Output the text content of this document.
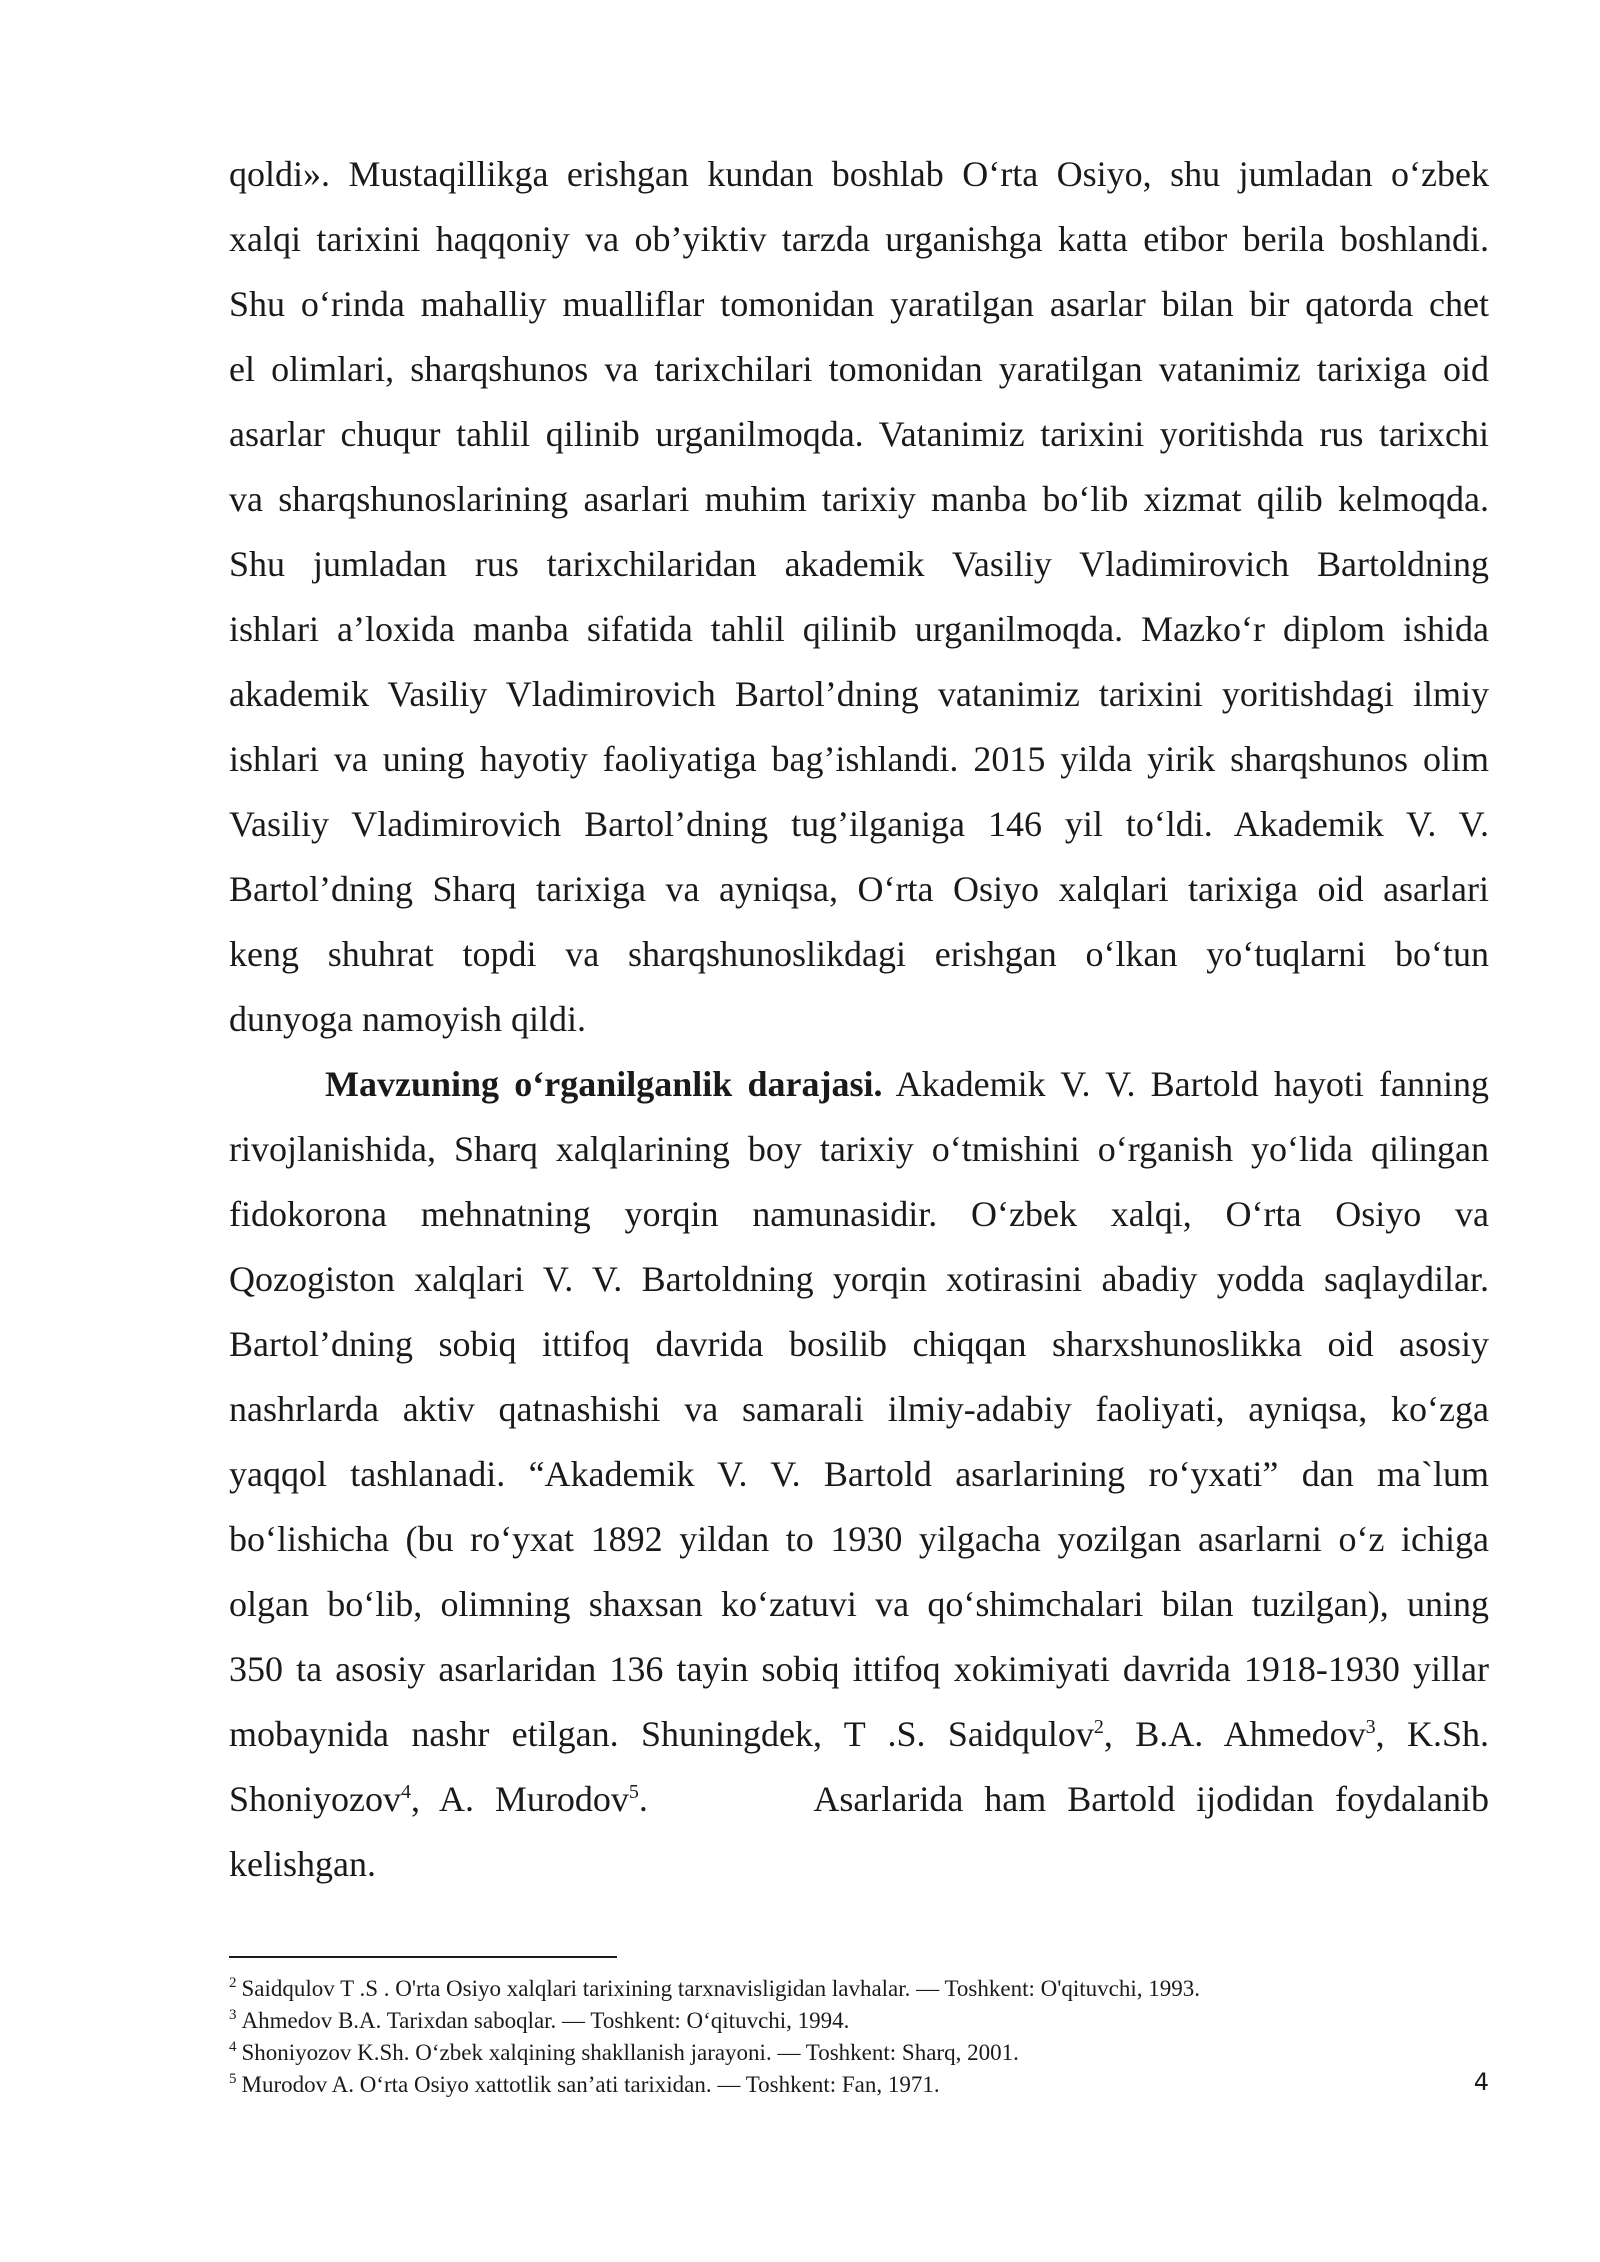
qoldi». Mustaqillikga erishgan kundan boshlab O‘rta Osiyo, shu jumladan o‘zbek
xalqi tarixini haqqoniy va ob’yiktiv tarzda urganishga katta etibor berila boshlandi.
Shu o‘rinda mahalliy mualliflar tomonidan yaratilgan asarlar bilan bir qatorda chet
el olimlari, sharqshunos va tarixchilari tomonidan yaratilgan vatanimiz tarixiga oid
asarlar chuqur tahlil qilinib urganilmoqda. Vatanimiz tarixini yoritishda rus tarixchi
va sharqshunoslarining asarlari muhim tarixiy manba bo‘lib xizmat qilib kelmoqda.
Shu jumladan rus tarixchilaridan akademik Vasiliy Vladimirovich Bartoldning
ishlari a’loxida manba sifatida tahlil qilinib urganilmoqda. Mazko‘r diplom ishida
akademik Vasiliy Vladimirovich Bartol’dning vatanimiz tarixini yoritishdagi ilmiy
ishlari va uning hayotiy faoliyatiga bag’ishlandi. 2015 yilda yirik sharqshunos olim
Vasiliy Vladimirovich Bartol’dning tug’ilganiga 146 yil to‘ldi. Akademik V. V.
Bartol’dning Sharq tarixiga va ayniqsa, O‘rta Osiyo xalqlari tarixiga oid asarlari
keng shuhrat topdi va sharqshunoslikdagi erishgan o‘lkan yo‘tuqlarni bo‘tun
dunyoga namoyish qildi.

Mavzuning o‘rganilganlik darajasi. Akademik V. V. Bartold hayoti fanning
rivojlanishida, Sharq xalqlarining boy tarixiy o‘tmishini o‘rganish yo‘lida qilingan
fidokorona mehnatning yorqin namunasidir. O‘zbek xalqi, O‘rta Osiyo va
Qozogiston xalqlari V. V. Bartoldning yorqin xotirasini abadiy yodda saqlaydilar.
Bartol’dning sobiq ittifoq davrida bosilib chiqqan sharxshunoslikka oid asosiy
nashrlarda aktiv qatnashishi va samarali ilmiy-adabiy faoliyati, ayniqsa, ko‘zga
yaqqol tashlanadi. “Akademik V. V. Bartold asarlarining ro‘yxati” dan ma`lum
bo‘lishicha (bu ro‘yxat 1892 yildan to 1930 yilgacha yozilgan asarlarni o‘z ichiga
olgan bo‘lib, olimning shaxsan ko‘zatuvi va qo‘shimchalari bilan tuzilgan), uning
350 ta asosiy asarlaridan 136 tayin sobiq ittifoq xokimiyati davrida 1918-1930 yillar
mobaynida nashr etilgan. Shuningdek, T .S. Saidqulov$^2$, B.A. Ahmedov$^3$, K.Sh.
Shoniyozov$^4$, A. Murodov$^5$.        Asarlarida ham Bartold ijodidan foydalanib
kelishgan.

$^2$ Saidqulov T .S . O'rta Osiyo xalqlari tarixining tarxnavisligidan lavhalar. — Toshkent: O'qituvchi, 1993.
$^3$ Ahmedov B.A. Tarixdan saboqlar. — Toshkent: O‘qituvchi, 1994.
$^4$ Shoniyozov K.Sh. O‘zbek xalqining shakllanish jarayoni. — Toshkent: Sharq, 2001.
$^5$ Murodov A. O‘rta Osiyo xattotlik san’ati tarixidan. — Toshkent: Fan, 1971.	4
